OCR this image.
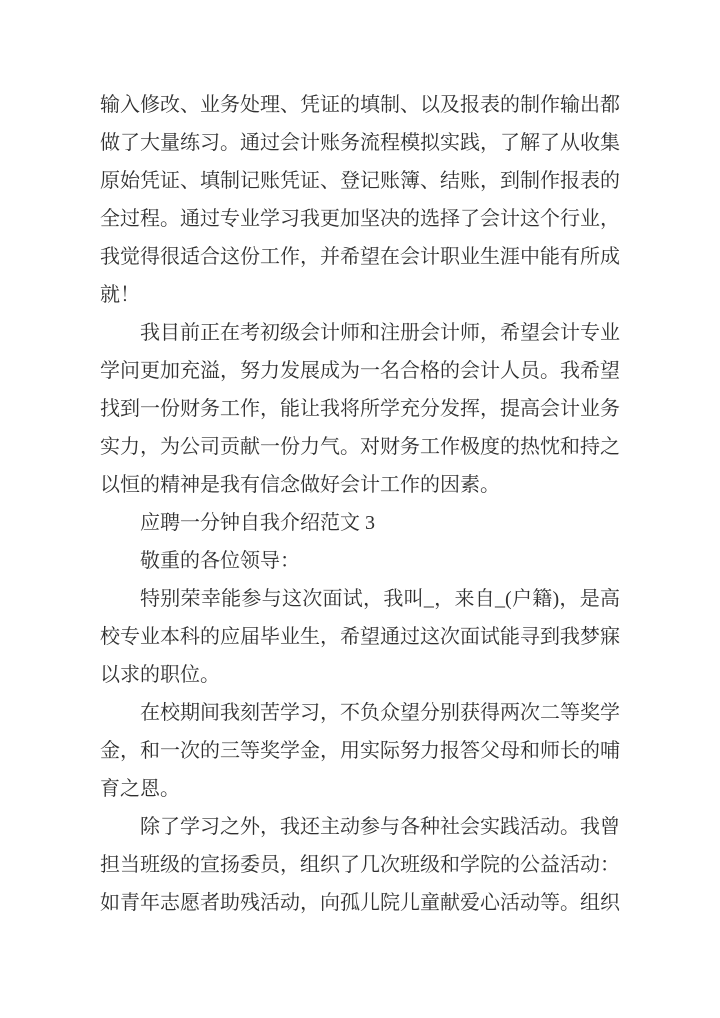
输入修改、业务处理、凭证的填制、以及报表的制作输出都做了大量练习。通过会计账务流程模拟实践，了解了从收集原始凭证、填制记账凭证、登记账簿、结账，到制作报表的全过程。通过专业学习我更加坚决的选择了会计这个行业，我觉得很适合这份工作，并希望在会计职业生涯中能有所成就！

我目前正在考初级会计师和注册会计师，希望会计专业学问更加充溢，努力发展成为一名合格的会计人员。我希望找到一份财务工作，能让我将所学充分发挥，提高会计业务实力，为公司贡献一份力气。对财务工作极度的热忱和持之以恒的精神是我有信念做好会计工作的因素。

应聘一分钟自我介绍范文 3

敬重的各位领导：

特别荣幸能参与这次面试，我叫_，来自_(户籍)，是高校专业本科的应届毕业生，希望通过这次面试能寻到我梦寐以求的职位。

在校期间我刻苦学习，不负众望分别获得两次二等奖学金，和一次的三等奖学金，用实际努力报答父母和师长的哺育之恩。

除了学习之外，我还主动参与各种社会实践活动。我曾担当班级的宣扬委员，组织了几次班级和学院的公益活动：如青年志愿者助残活动，向孤儿院儿童献爱心活动等。组织
